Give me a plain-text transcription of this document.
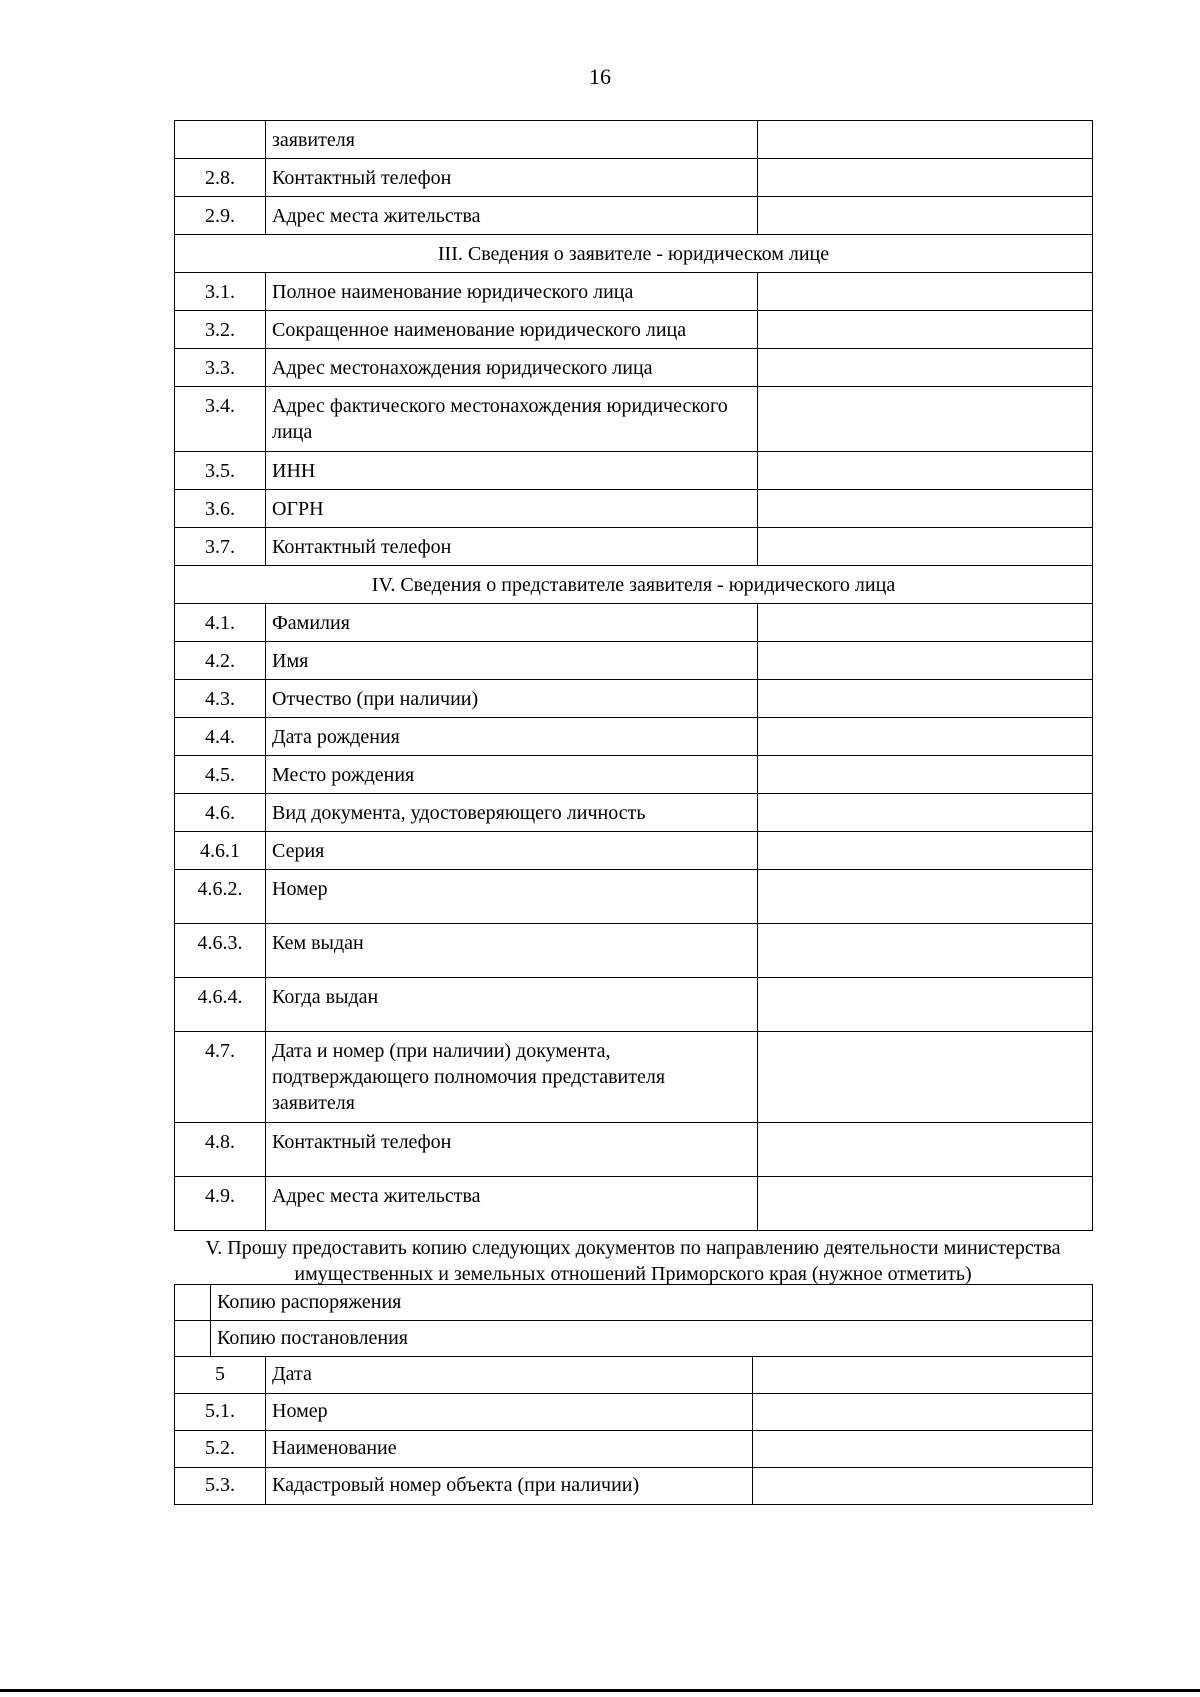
16
	заявителя	
2.8.	Контактный телефон	
2.9.	Адрес места жительства	
III. Сведения о заявителе - юридическом лице		
3.1.	Полное наименование юридического лица	
3.2.	Сокращенное наименование юридического лица	
3.3.	Адрес местонахождения юридического лица	
3.4.	Адрес фактического местонахождения юридического лица	
3.5.	ИНН	
3.6.	ОГРН	
3.7.	Контактный телефон	
IV. Сведения о представителе заявителя - юридического лица		
4.1.	Фамилия	
4.2.	Имя	
4.3.	Отчество (при наличии)	
4.4.	Дата рождения	
4.5.	Место рождения	
4.6.	Вид документа, удостоверяющего личность	
4.6.1	Серия	
4.6.2.	Номер	
4.6.3.	Кем выдан	
4.6.4.	Когда выдан	
4.7.	Дата и номер (при наличии) документа, подтверждающего полномочия представителя заявителя	
4.8.	Контактный телефон	
4.9.	Адрес места жительства	
V. Прошу предоставить копию следующих документов по направлению деятельности министерства имущественных и земельных отношений Приморского края (нужное отметить)
	Копию распоряжения		
	Копию постановления		
5		Дата	
5.1.		Номер	
5.2.		Наименование	
5.3.		Кадастровый номер объекта (при наличии)	
